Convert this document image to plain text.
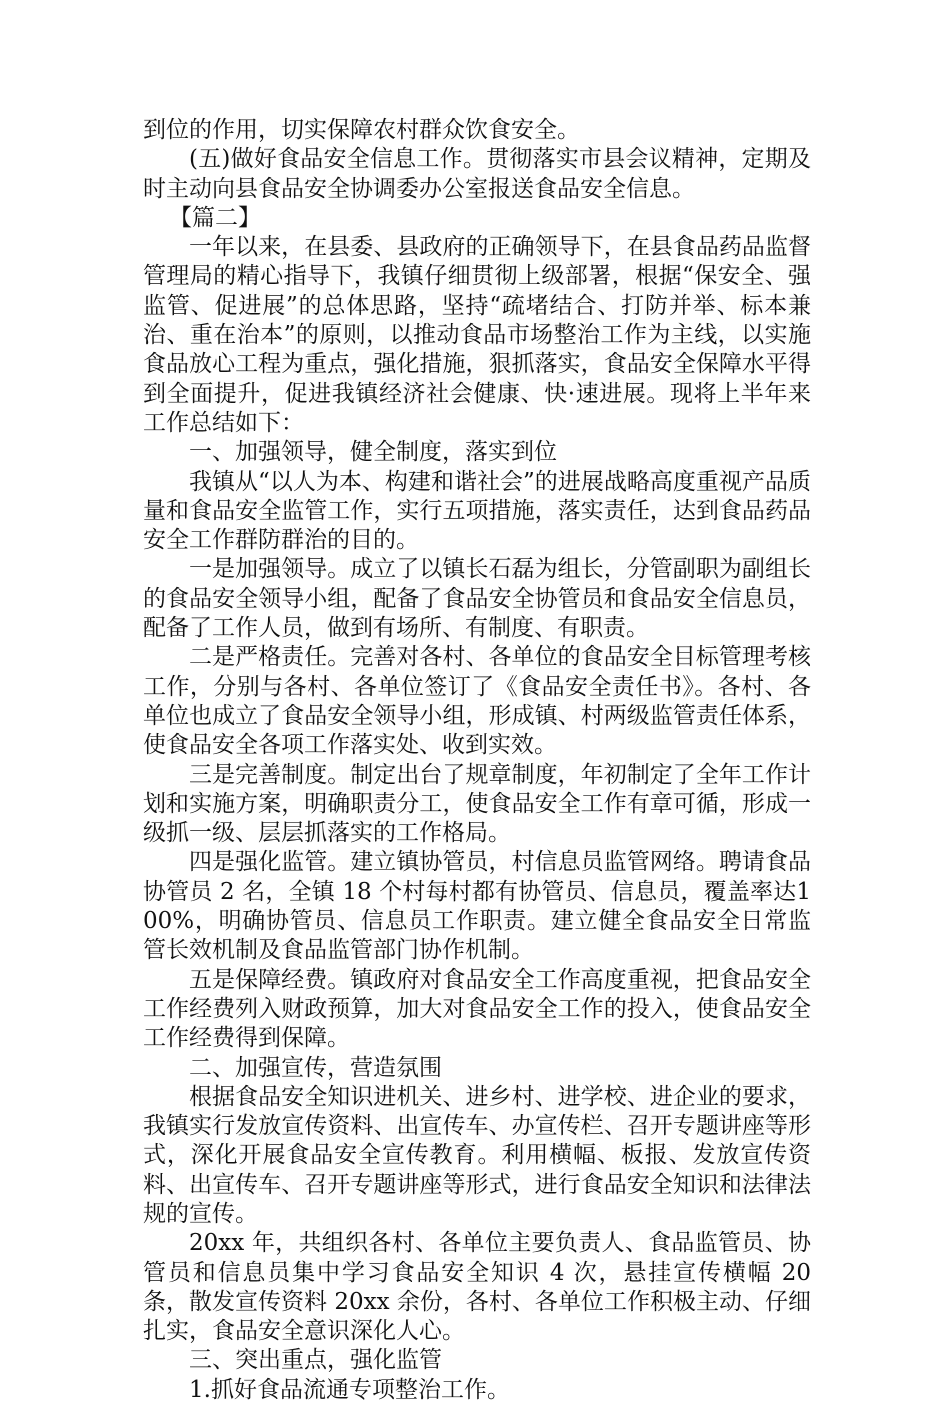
到位的作用，切实保障农村群众饮食安全。

(五)做好食品安全信息工作。贯彻落实市县会议精神，定期及时主动向县食品安全协调委办公室报送食品安全信息。

【篇二】

一年以来，在县委、县政府的正确领导下，在县食品药品监督管理局的精心指导下，我镇仔细贯彻上级部署，根据“保安全、强监管、促进展”的总体思路，坚持“疏堵结合、打防并举、标本兼治、重在治本”的原则，以推动食品市场整治工作为主线，以实施食品放心工程为重点，强化措施，狠抓落实，食品安全保障水平得到全面提升，促进我镇经济社会健康、快·速进展。现将上半年来工作总结如下：

一、加强领导，健全制度，落实到位

我镇从“以人为本、构建和谐社会”的进展战略高度重视产品质量和食品安全监管工作，实行五项措施，落实责任，达到食品药品安全工作群防群治的目的。

一是加强领导。成立了以镇长石磊为组长，分管副职为副组长的食品安全领导小组，配备了食品安全协管员和食品安全信息员，配备了工作人员，做到有场所、有制度、有职责。

二是严格责任。完善对各村、各单位的食品安全目标管理考核工作，分别与各村、各单位签订了《食品安全责任书》。各村、各单位也成立了食品安全领导小组，形成镇、村两级监管责任体系，使食品安全各项工作落实处、收到实效。

三是完善制度。制定出台了规章制度，年初制定了全年工作计划和实施方案，明确职责分工，使食品安全工作有章可循，形成一级抓一级、层层抓落实的工作格局。

四是强化监管。建立镇协管员，村信息员监管网络。聘请食品协管员 2 名，全镇 18 个村每村都有协管员、信息员，覆盖率达100%，明确协管员、信息员工作职责。建立健全食品安全日常监管长效机制及食品监管部门协作机制。

五是保障经费。镇政府对食品安全工作高度重视，把食品安全工作经费列入财政预算，加大对食品安全工作的投入，使食品安全工作经费得到保障。

二、加强宣传，营造氛围

根据食品安全知识进机关、进乡村、进学校、进企业的要求，我镇实行发放宣传资料、出宣传车、办宣传栏、召开专题讲座等形式，深化开展食品安全宣传教育。利用横幅、板报、发放宣传资料、出宣传车、召开专题讲座等形式，进行食品安全知识和法律法规的宣传。

20xx 年，共组织各村、各单位主要负责人、食品监管员、协管员和信息员集中学习食品安全知识 4 次，悬挂宣传横幅 20 条，散发宣传资料 20xx 余份，各村、各单位工作积极主动、仔细扎实，食品安全意识深化人心。

三、突出重点，强化监管

1.抓好食品流通专项整治工作。
